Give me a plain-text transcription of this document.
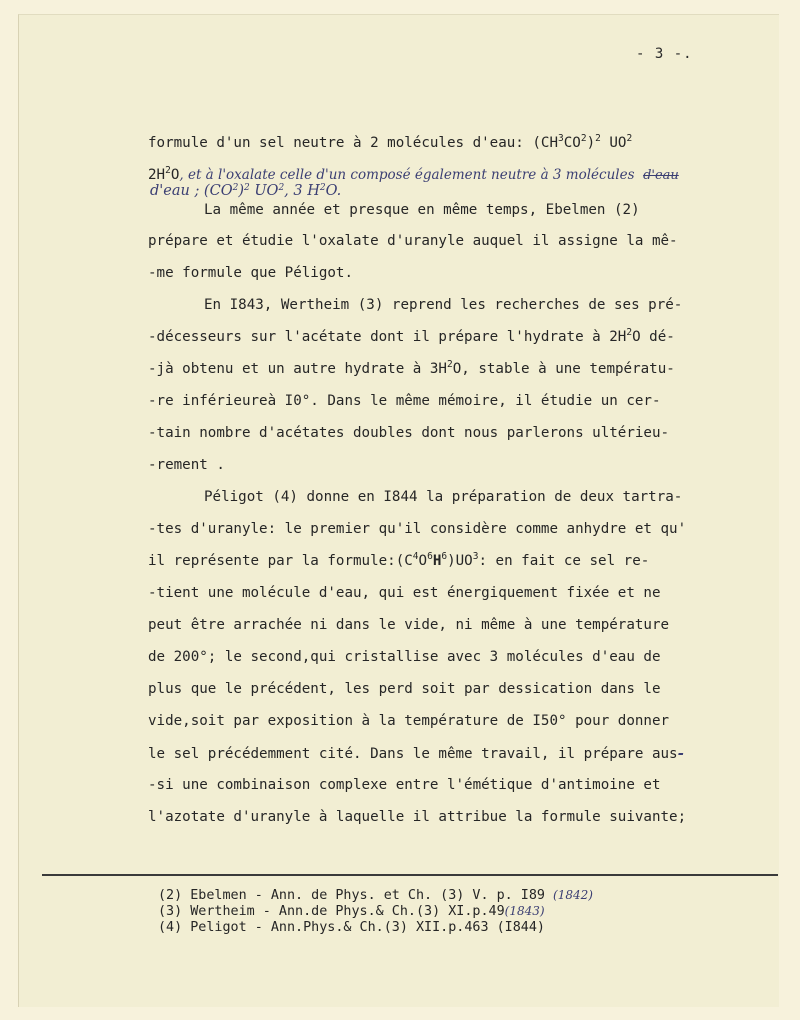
- 3 -.

formule d'un sel neutre à 2 molécules d'eau: $(CH^3CO^2)^2$ $UO^2$

$2H^2O$, et à l'oxalate celle d'un composé également neutre à 3 molécules d'eau

d'eau ; $(CO^2)^2$ $UO^2$, 3 $H^2O$.

La même année et presque en même temps, Ebelmen (2)

prépare et étudie l'oxalate d'uranyle auquel il assigne la mê-

-me formule que Péligot.

En I843, Wertheim (3) reprend les recherches de ses pré-

-décesseurs sur l'acétate dont il prépare l'hydrate à $2H^2O$ dé-

-jà obtenu et un autre hydrate à $3H^2O$, stable à une températu-

-re inférieureà I0°. Dans le même mémoire, il étudie un cer-

-tain nombre d'acétates doubles dont nous parlerons ultérieu-

-rement .

Péligot (4) donne en I844 la préparation de deux tartra-

-tes d'uranyle: le premier qu'il considère comme anhydre et qu'

il représente par la $formule:(C^4O^6H^6)UO^3$: en fait ce sel re-

-tient une molécule d'eau, qui est énergiquement fixée et ne

peut être arrachée ni dans le vide, ni même à une température

de 200°; le second,qui cristallise avec 3 molécules d'eau de

plus que le précédent, les perd soit par dessication dans le

vide,soit par exposition à la température de I50° pour donner

le sel précédemment cité. Dans le même travail, il prépare aus-

-si une combinaison complexe entre l'émétique d'antimoine et

l'azotate d'uranyle à laquelle il attribue la formule suivante;

(2) Ebelmen - Ann. de Phys. et Ch. (3) V. p. I89 (1842)

(3) Wertheim - Ann.de Phys.& Ch.(3) XI.p.49(1843)

(4) Peligot - Ann.Phys.& Ch.(3) XII.p.463 (I844)
